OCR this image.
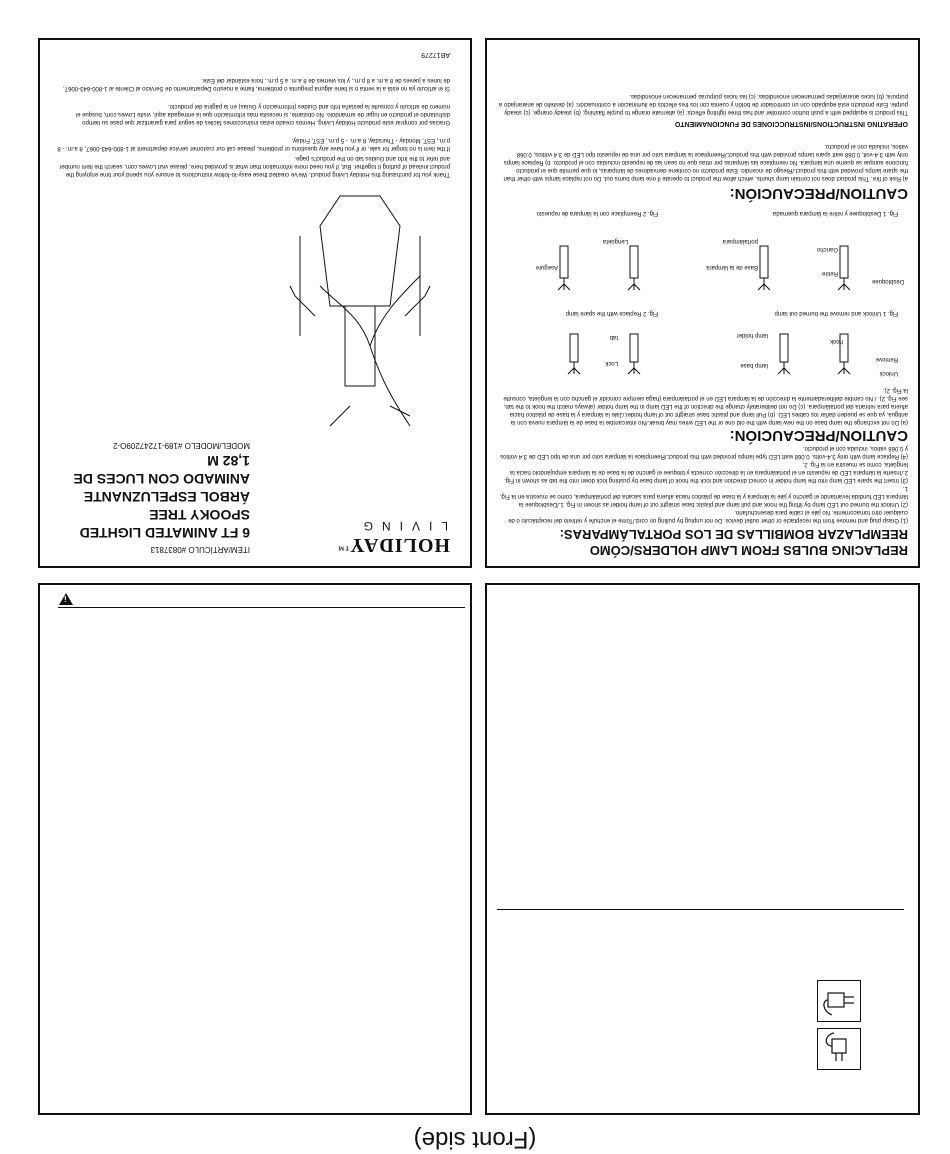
HOLIDAY™
LIVING
ITEM/ARTÍCULO #0837813
6 FT ANIMATED LIGHTED
SPOOKY TREE
ÁRBOL ESPELUZNANTE
ANIMADO CON LUCES DE
1,82 M
MODEL/MODELO #189-17247209O-2
Thank you for purchasing this Holiday Living product. We've created these easy-to-follow instructions to ensure you spend your time enjoying the product instead of putting it together. But, if you need more information than what is provided here, please visit Lowes.com, search the item number and refer to the Info and Guides tab on the product's page.
If the item is no longer for sale, or if you have any questions or problems, please call our customer service department at 1-800-643-0067, 8 a.m. - 8 p.m., EST, Monday - Thursday, 8 a.m. - 5 p.m., EST, Friday.
Gracias por comprar este producto Holiday Living. Hemos creado estas instrucciones fáciles de seguir para garantizar que pase su tiempo disfrutando el producto en lugar de armándolo. No obstante, si necesita más información que la entregada aquí, visite Lowes.com, busque el número de artículo y consulte la pestaña Info and Guides (Información y Guías) en la página del producto.
Si el artículo ya no está a la venta o si tiene alguna pregunta o problema, llame a nuestro Departamento de Servicio al Cliente al 1-800-643-0067, de lunes a jueves de 8 a.m. a 8 p.m., y los viernes de 8 a.m. a 5 p.m., hora estándar del Este.
AB17279
REPLACING BULBS FROM LAMP HOLDERS/CÓMO
REEMPLAZAR BOMBILLAS DE LOS PORTALÁMPARAS:
(1) Grasp plug and remove from the receptacle or other outlet device. Do not unplug by pulling on cord./Tome el enchufe y retírelo del receptáculo o de cualquier otro tomacorriente. No jale el cable para desenchufarlo.
(2) Unlock the burned out LED lamp by lifting the hook and pull lamp and plastic base straight out of lamp holder as shown in Fig. 1./Desbloquee la lámpara LED fundida levantando el gancho y jale la lámpara y la base de plástico hacia afuera para sacarla del portalámpara, como se muestra en la Fig. 1.
(3) Insert the spare LED lamp into the lamp holder in correct direction and lock the hook of lamp base by pushing lock down into the tab as shown in Fig. 2./Inserte la lámpara LED de repuesto en el portalámpara en la dirección correcta y bloquee el gancho de la base de la lámpara empujándolo hacia la lengüeta, como se muestra en la Fig. 2.
(4) Replace lamp with only 3.4-volts, 0.068 watt LED type lamps provided with this product./Reemplace la lámpara solo por una de tipo LED de 3.4 voltios y 0.068 vatios, incluida con el producto.
CAUTION/PRECAUCIÓN:
(a) Do not exchange the lamp base on the new lamp with the old one or the LED wires may break./No intercambie la base de la lámpara nueva con la antigua, ya que se pueden dañar los cables LED. (b) Pull lamp and plastic base straight out of lamp holder./Jale la lámpara y la base de plástico hacia afuera para retirarla del portalámpara. (c) Do not deliberately change the direction of the LED lamp in the lamp holder (always match the hook to the tab, see Fig. 2). / No cambie deliberadamente la dirección de la lámpara LED en el portalámpara (haga siempre coincidir el gancho con la lengüeta, consulte la Fig. 2).
Unlock
Remove
lamp base
hook
lamp holder
tab
Lock
Fig. 1 Unlock and remove the burned out lamp
Fig. 2 Replace with the spare lamp
Desbloquee
Retire
Base de la lámpara
Gancho
portalámpara
Lengüeta
Asegure
Fig. 1 Desbloquee y retire la lámpara quemada
Fig. 2 Reemplace con la lámpara de repuesto
CAUTION/PRECAUCIÓN:
a) Risk of fire. This product does not contain lamp shunts, which allow the product to operate if one lamp burns out. Do not replace lamps with other than the spare lamps provided with this product./Riesgo de incendio. Este producto no contiene derivadores de lámparas, lo que permite que el producto funcione aunque se queme una lámpara. No reemplace las lámparas por otras que no sean las de repuesto incluidas con el producto. b) Replace lamps only with 3.4-volt, 0.068 watt spare lamps provided with this product./Reemplace la lámpara solo por una de repuesto tipo LED de 3.4 voltios, 0.068 vatios, incluida con el producto.
OPERATING INSTRUCTIONS/INSTRUCCIONES DE FUNCIONAMIENTO
This product is equipped with a push button controller and has three lighting effects: (a) alternate orange to purple flashing; (b) steady orange; (c) steady purple. Este producto está equipado con un controlador de botón y cuenta con los tres efectos de iluminación a continuación: (a) destello de anaranjado a púrpura; (b) luces anaranjadas permanecen encendidas; (c) las luces púrpuras permanecen encendidas.
!
(Front side)
